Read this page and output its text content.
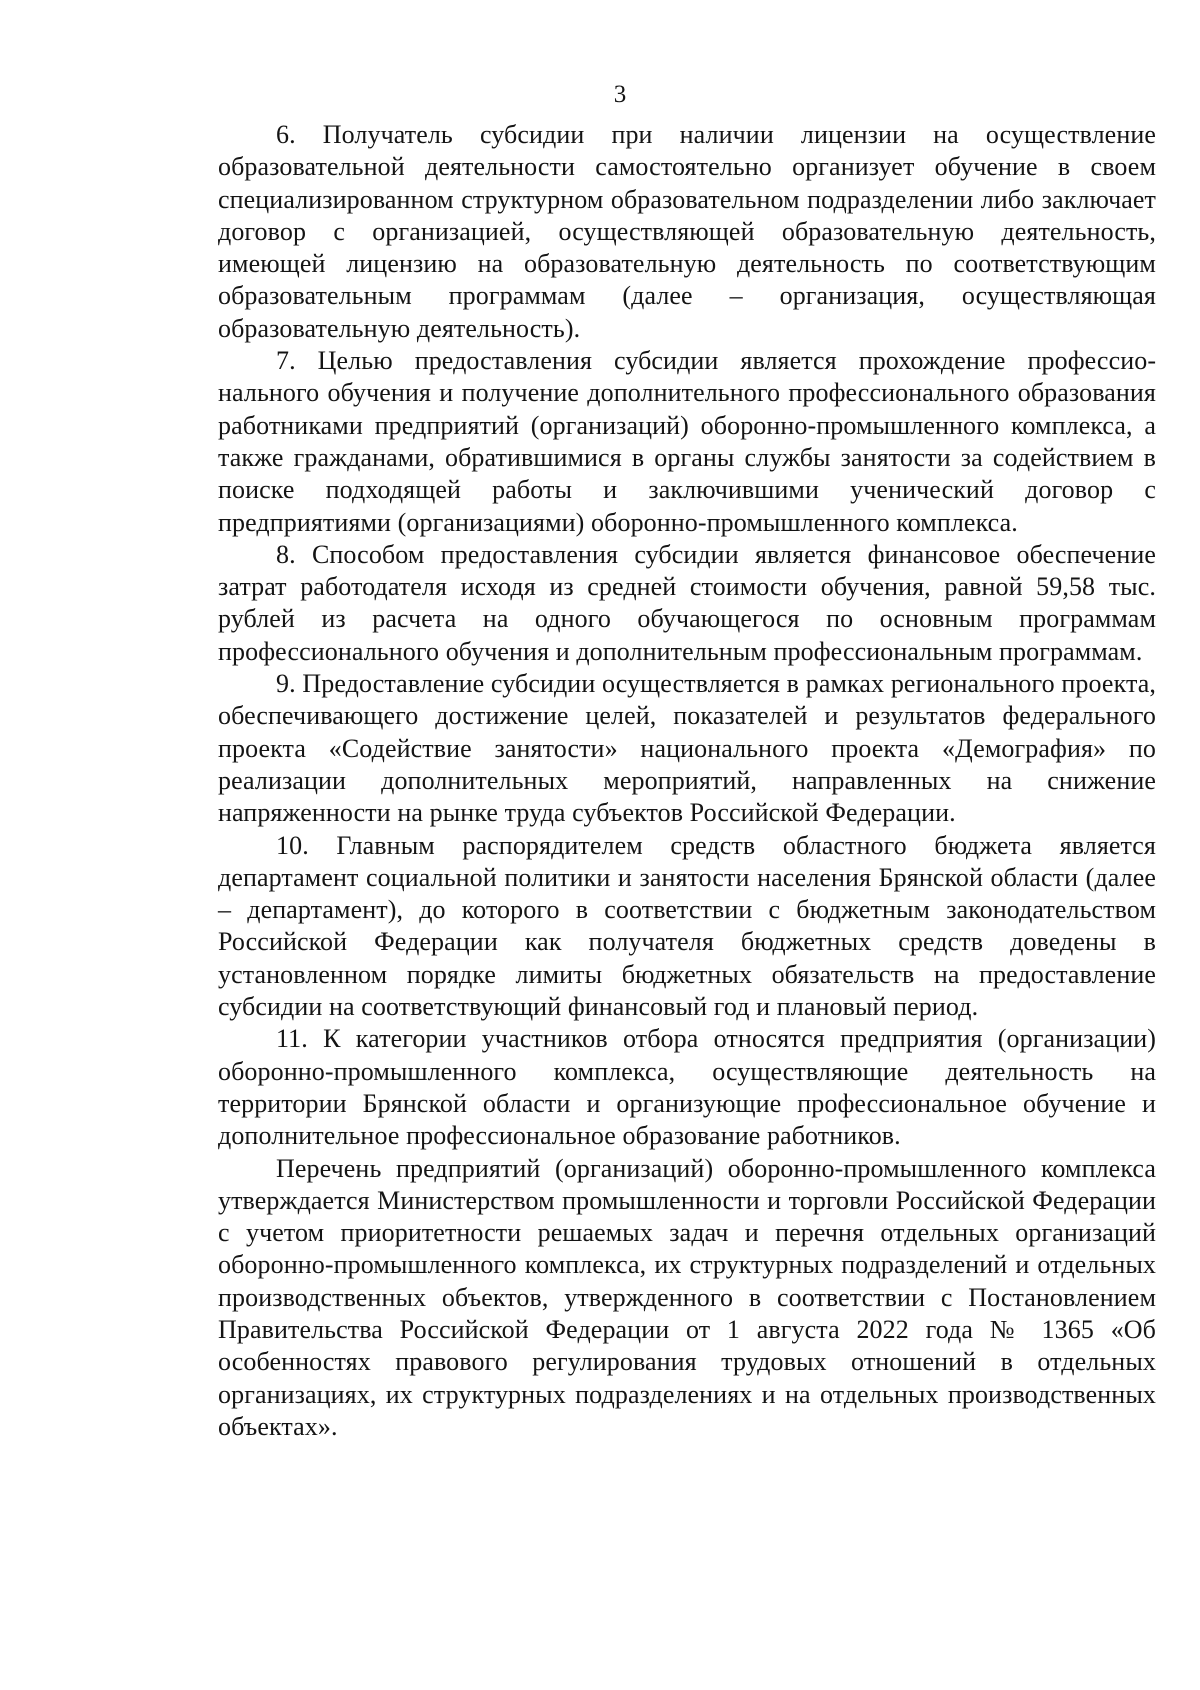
3

6. Получатель субсидии при наличии лицензии на осуществление образовательной деятельности самостоятельно организует обучение в своем специализированном структурном образовательном подразделении либо заключает договор с организацией, осуществляющей образовательную деятельность, имеющей лицензию на образовательную деятельность по соответствующим образовательным программам (далее – организация, осуществляющая образовательную деятельность).

7. Целью предоставления субсидии является прохождение профессионального обучения и получение дополнительного профессионального образования работниками предприятий (организаций) оборонно-промышленного комплекса, а также гражданами, обратившимися в органы службы занятости за содействием в поиске подходящей работы и заключившими ученический договор с предприятиями (организациями) оборонно-промышленного комплекса.

8. Способом предоставления субсидии является финансовое обеспечение затрат работодателя исходя из средней стоимости обучения, равной 59,58 тыс. рублей из расчета на одного обучающегося по основным программам профессионального обучения и дополнительным профессиональным программам.

9. Предоставление субсидии осуществляется в рамках регионального проекта, обеспечивающего достижение целей, показателей и результатов федерального проекта «Содействие занятости» национального проекта «Демография» по реализации дополнительных мероприятий, направленных на снижение напряженности на рынке труда субъектов Российской Федерации.

10. Главным распорядителем средств областного бюджета является департамент социальной политики и занятости населения Брянской области (далее – департамент), до которого в соответствии с бюджетным законодательством Российской Федерации как получателя бюджетных средств доведены в установленном порядке лимиты бюджетных обязательств на предоставление субсидии на соответствующий финансовый год и плановый период.

11. К категории участников отбора относятся предприятия (организации) оборонно-промышленного комплекса, осуществляющие деятельность на территории Брянской области и организующие профессиональное обучение и дополнительное профессиональное образование работников.

Перечень предприятий (организаций) оборонно-промышленного комплекса утверждается Министерством промышленности и торговли Российской Федерации с учетом приоритетности решаемых задач и перечня отдельных организаций оборонно-промышленного комплекса, их структурных подразделений и отдельных производственных объектов, утвержденного в соответствии с Постановлением Правительства Российской Федерации от 1 августа 2022 года № 1365 «Об особенностях правового регулирования трудовых отношений в отдельных организациях, их структурных подразделениях и на отдельных производственных объектах».
